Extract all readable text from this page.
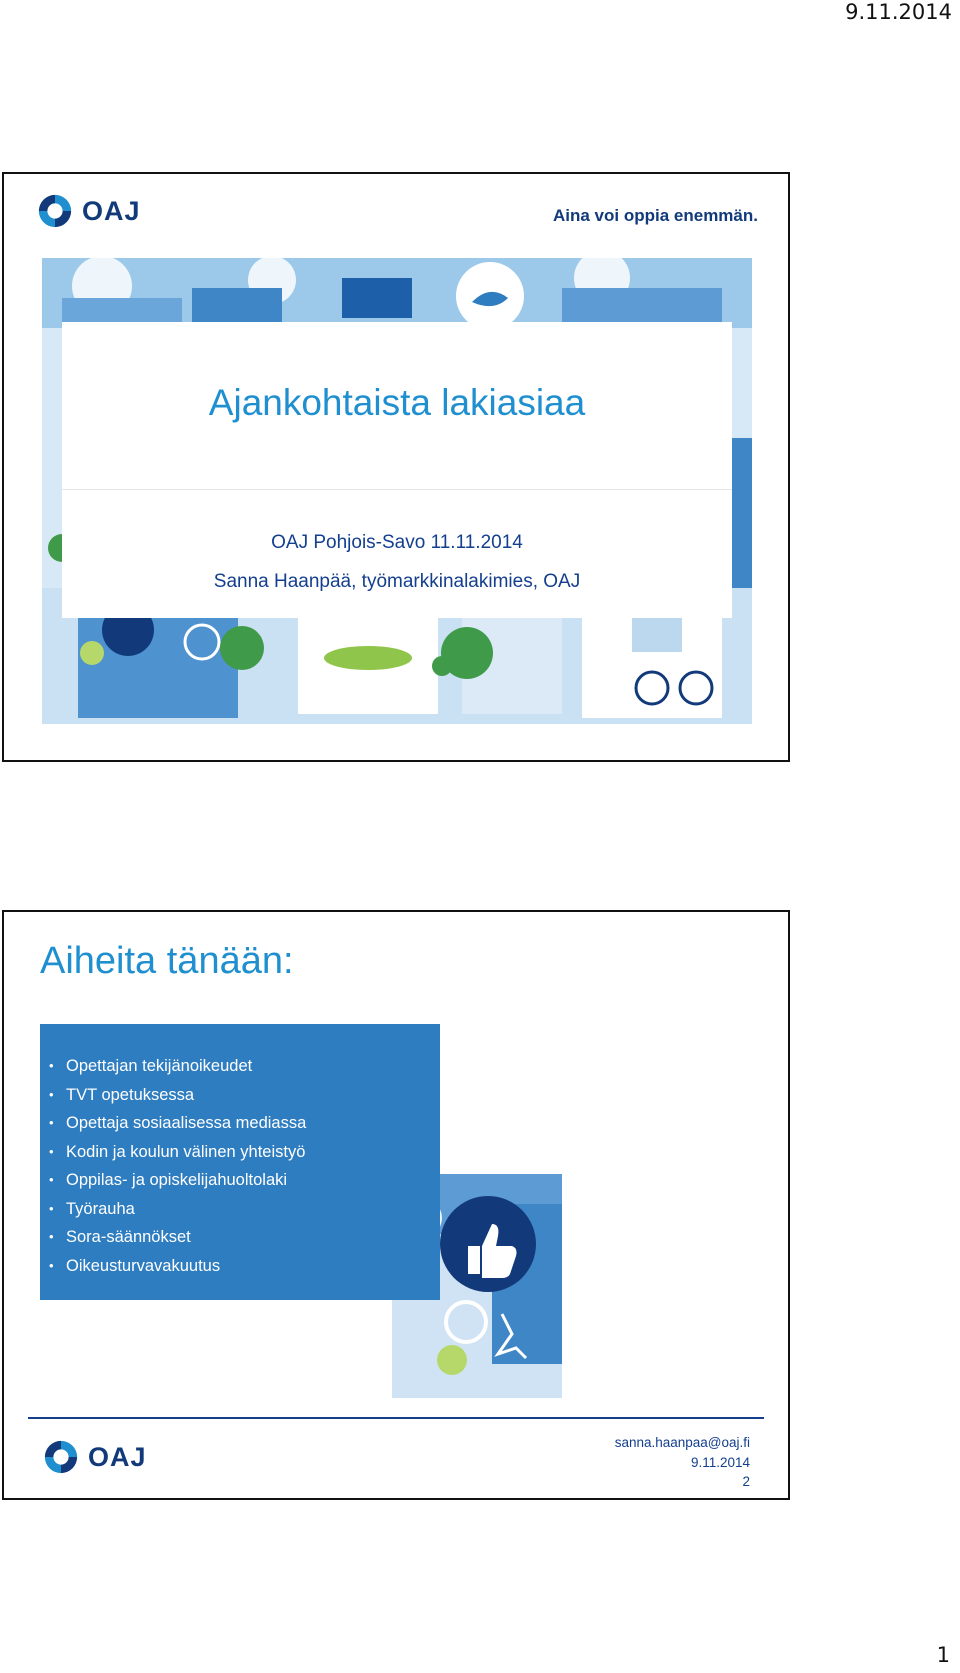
9.11.2014
OAJ	Aina voi oppia enemmän.
Ajankohtaista lakiasiaa
OAJ Pohjois-Savo 11.11.2014
Sanna Haanpää, työmarkkinalakimies, OAJ
Aiheita tänään:
• Opettajan tekijänoikeudet
• TVT opetuksessa
• Opettaja sosiaalisessa mediassa
• Kodin ja koulun välinen yhteistyö
• Oppilas- ja opiskelijahuoltolaki
• Työrauha
• Sora-säännökset
• Oikeusturvavakuutus
OAJ	sanna.haanpaa@oaj.fi
9.11.2014
2
1
